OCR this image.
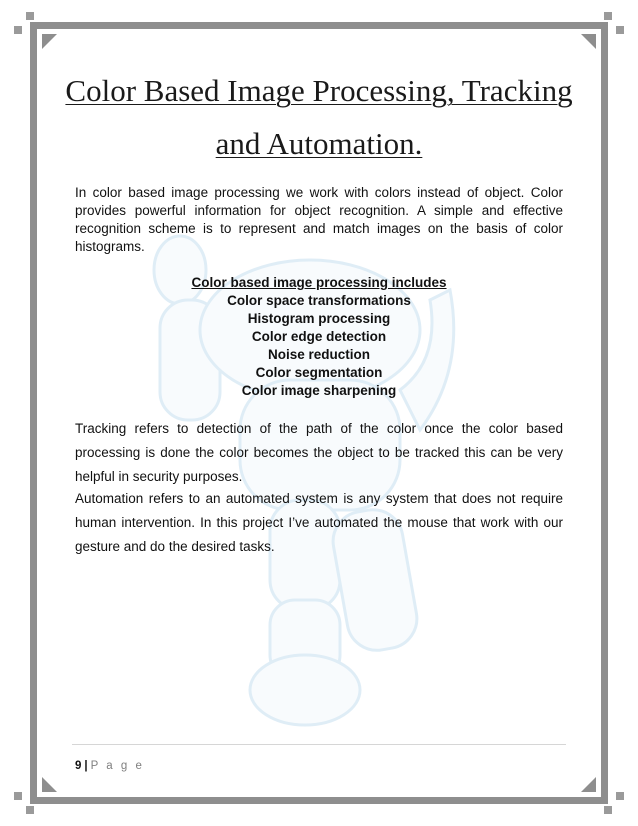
Color Based Image Processing, Tracking
and Automation.

In color based image processing we work with colors instead of object. Color provides powerful information for object recognition. A simple and effective recognition scheme is to represent and match images on the basis of color histograms.

Color based image processing includes
Color space transformations
Histogram processing
Color edge detection
Noise reduction
Color segmentation
Color image sharpening

Tracking refers to detection of the path of the color once the color based processing is done the color becomes the object to be tracked this can be very helpful in security purposes.

Automation refers to an automated system is any system that does not require human intervention. In this project I’ve automated the mouse that work with our gesture and do the desired tasks.

9 | P a g e
